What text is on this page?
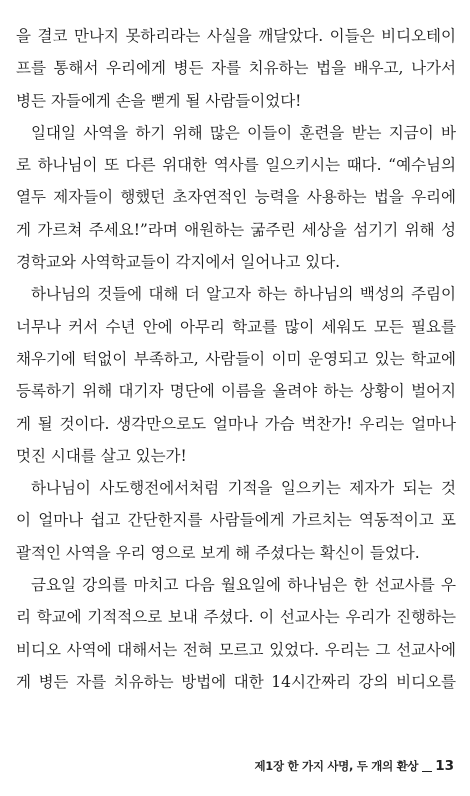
을 결코 만나지 못하리라는 사실을 깨달았다. 이들은 비디오테이
프를 통해서 우리에게 병든 자를 치유하는 법을 배우고, 나가서
병든 자들에게 손을 뻗게 될 사람들이었다!
일대일 사역을 하기 위해 많은 이들이 훈련을 받는 지금이 바
로 하나님이 또 다른 위대한 역사를 일으키시는 때다. “예수님의
열두 제자들이 행했던 초자연적인 능력을 사용하는 법을 우리에
게 가르쳐 주세요!”라며 애원하는 굶주린 세상을 섬기기 위해 성
경학교와 사역학교들이 각지에서 일어나고 있다.
하나님의 것들에 대해 더 알고자 하는 하나님의 백성의 주림이
너무나 커서 수년 안에 아무리 학교를 많이 세워도 모든 필요를
채우기에 턱없이 부족하고, 사람들이 이미 운영되고 있는 학교에
등록하기 위해 대기자 명단에 이름을 올려야 하는 상황이 벌어지
게 될 것이다. 생각만으로도 얼마나 가슴 벅찬가! 우리는 얼마나
멋진 시대를 살고 있는가!
하나님이 사도행전에서처럼 기적을 일으키는 제자가 되는 것
이 얼마나 쉽고 간단한지를 사람들에게 가르치는 역동적이고 포
괄적인 사역을 우리 영으로 보게 해 주셨다는 확신이 들었다.
금요일 강의를 마치고 다음 월요일에 하나님은 한 선교사를 우
리 학교에 기적적으로 보내 주셨다. 이 선교사는 우리가 진행하는
비디오 사역에 대해서는 전혀 모르고 있었다. 우리는 그 선교사에
게 병든 자를 치유하는 방법에 대한 14시간짜리 강의 비디오를
제1장 한 가지 사명, 두 개의 환상 13
